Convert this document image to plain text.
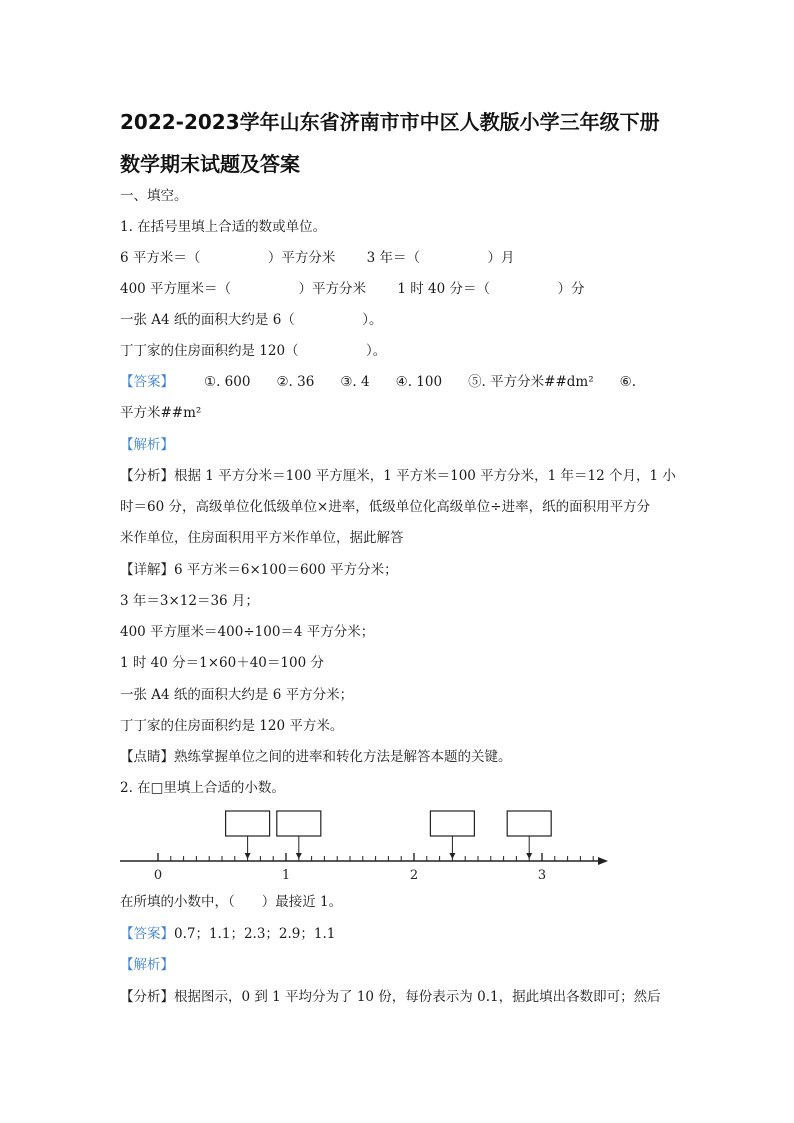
2022-2023学年山东省济南市市中区人教版小学三年级下册
数学期末试题及答案
一、填空。
1. 在括号里填上合适的数或单位。
6 平方米＝（　　　　　）平方分米　　 3 年＝（　　　　　）月
400 平方厘米＝（　　　　　）平方分米　　 1 时 40 分＝（　　　　　）分
一张 A4 纸的面积大约是 6（　　　　　）。
丁丁家的住房面积约是 120（　　　　　）。
【答案】 ①. 600 ②. 36 ③. 4 ④. 100 ⑤. 平方分米##dm² ⑥.
平方米##m²
【解析】
【分析】根据 1 平方分米＝100 平方厘米，1 平方米＝100 平方分米，1 年＝12 个月，1 小
时＝60 分，高级单位化低级单位×进率，低级单位化高级单位÷进率，纸的面积用平方分
米作单位，住房面积用平方米作单位，据此解答
【详解】6 平方米＝6×100＝600 平方分米；
3 年＝3×12＝36 月；
400 平方厘米＝400÷100＝4 平方分米；
1 时 40 分＝1×60＋40＝100 分
一张 A4 纸的面积大约是 6 平方分米；
丁丁家的住房面积约是 120 平方米。
【点睛】熟练掌握单位之间的进率和转化方法是解答本题的关键。
2. 在□里填上合适的小数。
0	1	2	3
在所填的小数中，（　　）最接近 1。
【答案】0.7；1.1；2.3；2.9；1.1
【解析】
【分析】根据图示，0 到 1 平均分为了 10 份，每份表示为 0.1，据此填出各数即可；然后
